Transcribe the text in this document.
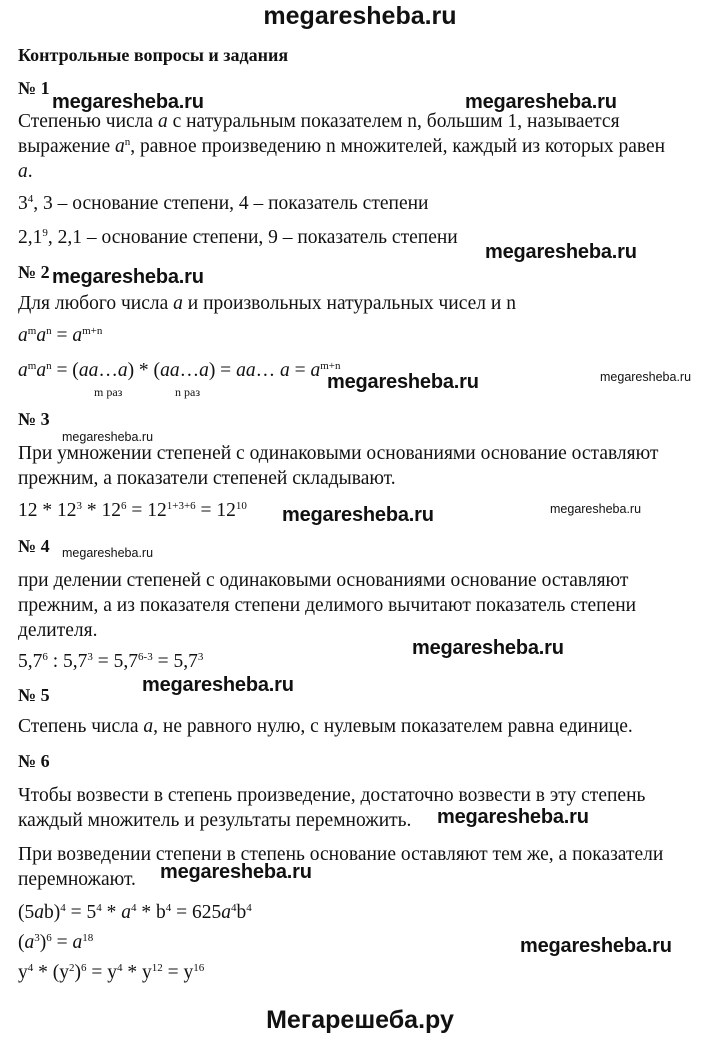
megaresheba.ru
Контрольные вопросы и задания
№ 1
megaresheba.ru	megaresheba.ru
Степенью числа a с натуральным показателем n, большим 1, называется
выражение $a^n$, равное произведению n множителей, каждый из которых равен
a.
$3^4$, 3 – основание степени, 4 – показатель степени
$2,1^9$, 2,1 – основание степени, 9 – показатель степени
megaresheba.ru
№ 2 megaresheba.ru
Для любого числа a и произвольных натуральных чисел и n
$a^ma^n = a^{m+n}$
$a^ma^n$ = (aa…a) * (aa…a) = aa… $a = a^{m+n}$
m раз	n раз	megaresheba.ru	megaresheba.ru
№ 3
megaresheba.ru
При умножении степеней с одинаковыми основаниями основание оставляют
прежним, а показатели степеней складывают.
$12 * 12^3 * 12^6 = 12^{1+3+6} = 12^{10}$ megaresheba.ru	megaresheba.ru
№ 4 megaresheba.ru
при делении степеней с одинаковыми основаниями основание оставляют
прежним, а из показателя степени делимого вычитают показатель степени
делителя.
megaresheba.ru
$5,7^6$ : $5,7^3 = 5,7^{6-3} = 5,7^3$
№ 5	megaresheba.ru
Степень числа a, не равного нулю, с нулевым показателем равна единице.
№ 6
Чтобы возвести в степень произведение, достаточно возвести в эту степень
каждый множитель и результаты перемножить. megaresheba.ru
При возведении степени в степень основание оставляют тем же, а показатели
перемножают. megaresheba.ru
$(5ab)^4 = 5^4 * a^4 * b^4 = 625a^4b^4$
$(a^3)^6 = a^{18}$	megaresheba.ru
$y^4 * (y^2)^6 = y^4 * y^{12} = y^{16}$
Мегарешеба.ру
